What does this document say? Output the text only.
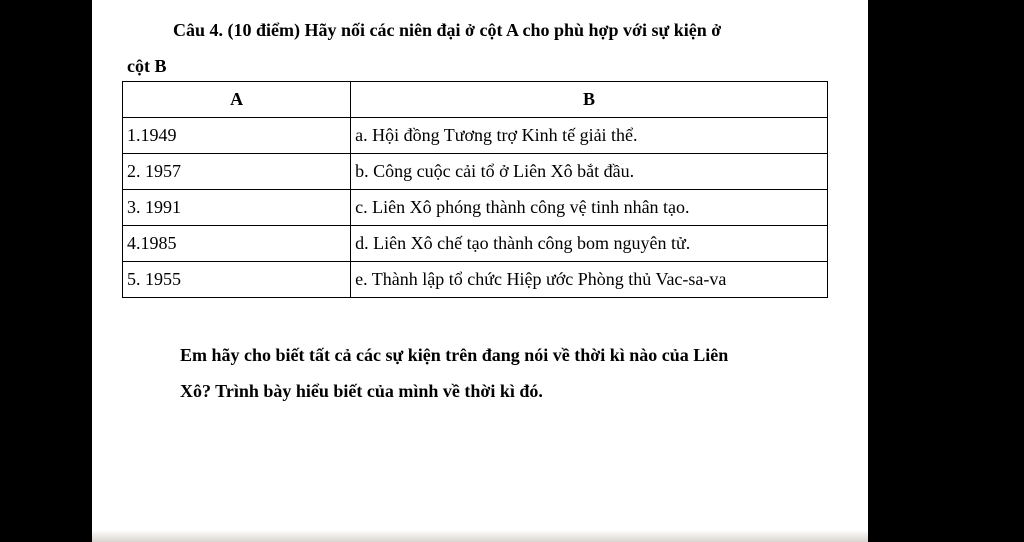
Câu 4. (10 điểm) Hãy nối các niên đại ở cột A cho phù hợp với sự kiện ở
cột B
A	B
1.1949	a. Hội đồng Tương trợ Kinh tế giải thể.
2. 1957	b. Công cuộc cải tổ ở Liên Xô bắt đầu.
3. 1991	c. Liên Xô phóng thành công vệ tinh nhân tạo.
4.1985	d. Liên Xô chế tạo thành công bom nguyên tử.
5. 1955	e. Thành lập tổ chức Hiệp ước Phòng thủ Vac-sa-va
Em hãy cho biết tất cả các sự kiện trên đang nói về thời kì nào của Liên
Xô? Trình bày hiểu biết của mình về thời kì đó.
